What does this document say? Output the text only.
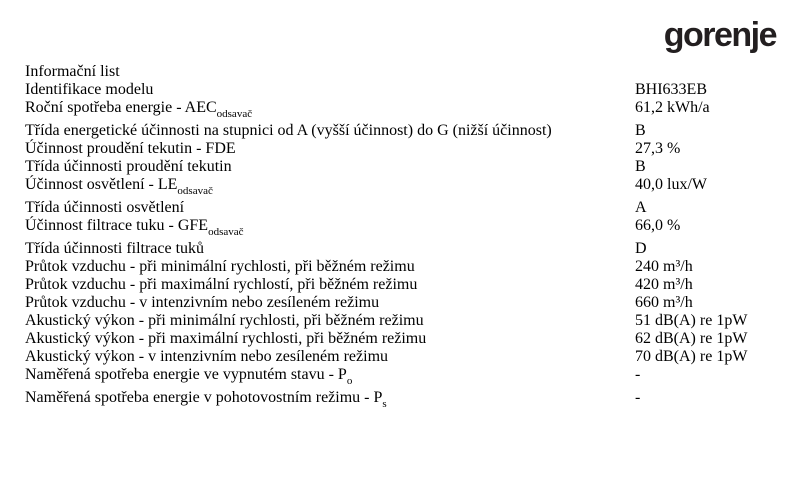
gorenje
Informační list
Identifikace modelu	BHI633EB
Roční spotřeba energie - $AEC_{odsavač}$	61,2 kWh/a
Třída energetické účinnosti na stupnici od A (vyšší účinnost) do G (nižší účinnost)	B
Účinnost proudění tekutin - FDE	27,3 %
Třída účinnosti proudění tekutin	B
Účinnost osvětlení - $LE_{odsavač}$	40,0 lux/W
Třída účinnosti osvětlení	A
Účinnost filtrace tuku - $GFE_{odsavač}$	66,0 %
Třída účinnosti filtrace tuků	D
Průtok vzduchu - při minimální rychlosti, při běžném režimu	240 m³/h
Průtok vzduchu - při maximální rychlostí, při běžném režimu	420 m³/h
Průtok vzduchu - v intenzivním nebo zesíleném režimu	660 m³/h
Akustický výkon - při minimální rychlosti, při běžném režimu	51 dB(A) re 1pW
Akustický výkon - při maximální rychlosti, při běžném režimu	62 dB(A) re 1pW
Akustický výkon - v intenzivním nebo zesíleném režimu	70 dB(A) re 1pW
Naměřená spotřeba energie ve vypnutém stavu - $P_o$	-
Naměřená spotřeba energie v pohotovostním režimu - $P_s$	-
